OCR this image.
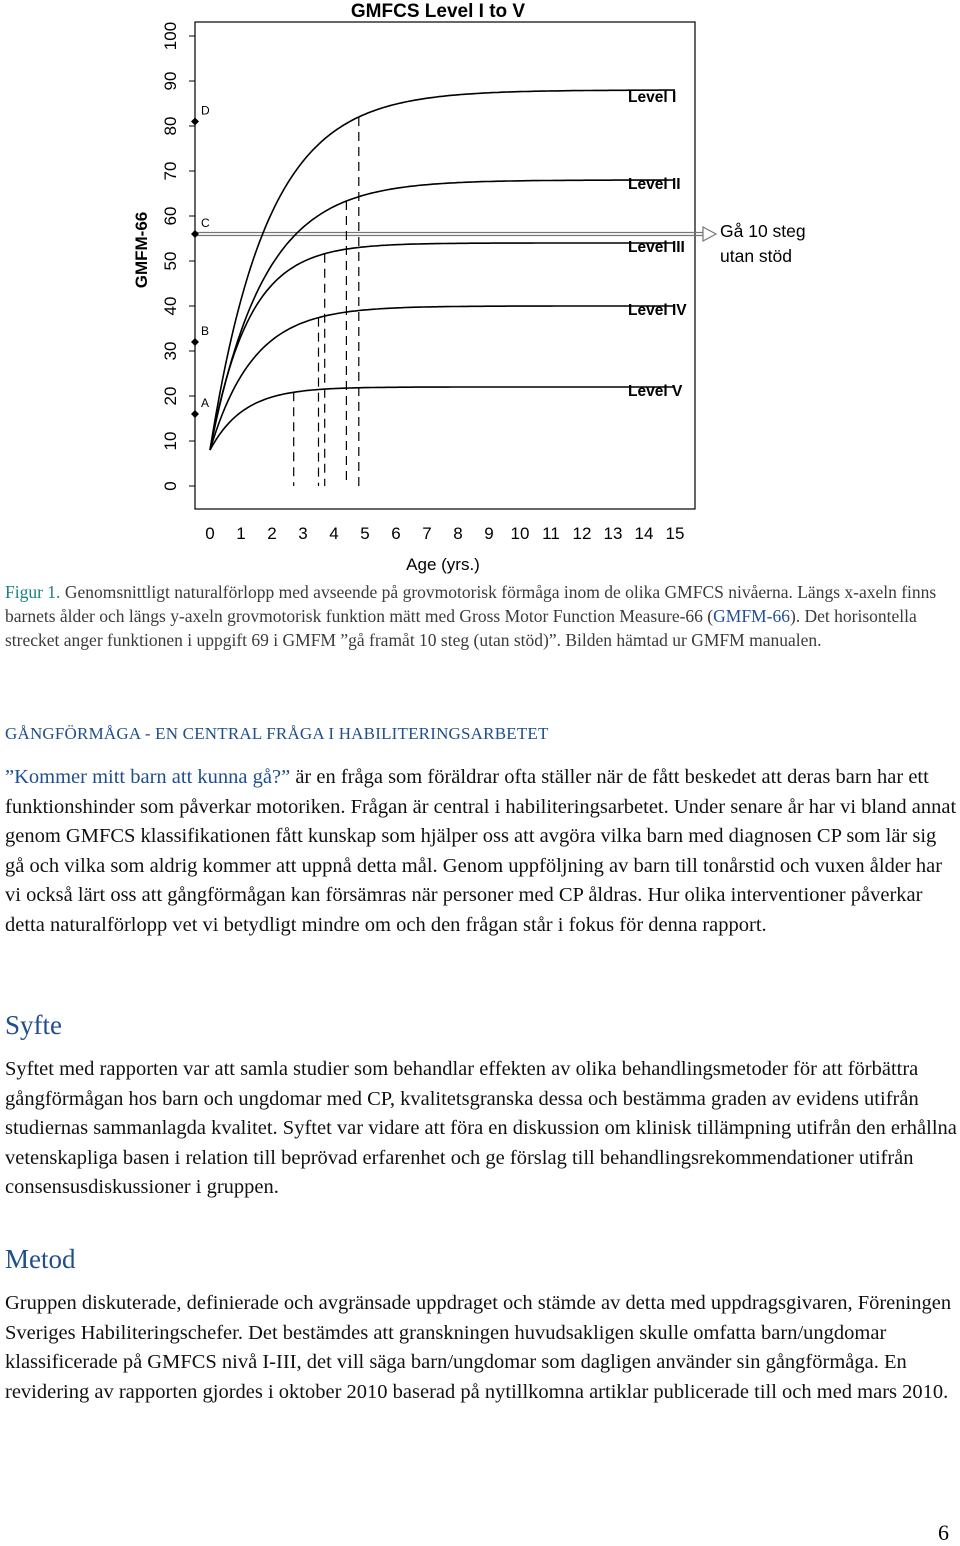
GMFCS Level I to V
Level I
Level II
Level III
Level IV
Level V
0
10
20
30
40
50
60
70
80
90
100
0 1 2 3 4 5 6 7 8 9 10 11 12 13 14 15
A
B
C
D
GMFM-66
Age (yrs.)
Gå 10 steg
utan stöd
Figur 1. Genomsnittligt naturalförlopp med avseende på grovmotorisk förmåga inom de olika GMFCS nivåerna. Längs x-axeln finns barnets ålder och längs y-axeln grovmotorisk funktion mätt med Gross Motor Function Measure-66 (GMFM-66). Det horisontella strecket anger funktionen i uppgift 69 i GMFM ”gå framåt 10 steg (utan stöd)”. Bilden hämtad ur GMFM manualen.
GÅNGFÖRMÅGA - EN CENTRAL FRÅGA I HABILITERINGSARBETET
”Kommer mitt barn att kunna gå?” är en fråga som föräldrar ofta ställer när de fått beskedet att deras barn har ett funktionshinder som påverkar motoriken. Frågan är central i habiliteringsarbetet. Under senare år har vi bland annat genom GMFCS klassifikationen fått kunskap som hjälper oss att avgöra vilka barn med diagnosen CP som lär sig gå och vilka som aldrig kommer att uppnå detta mål. Genom uppföljning av barn till tonårstid och vuxen ålder har vi också lärt oss att gångförmågan kan försämras när personer med CP åldras. Hur olika interventioner påverkar detta naturalförlopp vet vi betydligt mindre om och den frågan står i fokus för denna rapport.
Syfte
Syftet med rapporten var att samla studier som behandlar effekten av olika behandlingsmetoder för att förbättra gångförmågan hos barn och ungdomar med CP, kvalitetsgranska dessa och bestämma graden av evidens utifrån studiernas sammanlagda kvalitet. Syftet var vidare att föra en diskussion om klinisk tillämpning utifrån den erhållna vetenskapliga basen i relation till beprövad erfarenhet och ge förslag till behandlingsrekommendationer utifrån consensusdiskussioner i gruppen.
Metod
Gruppen diskuterade, definierade och avgränsade uppdraget och stämde av detta med uppdragsgivaren, Föreningen Sveriges Habiliteringschefer. Det bestämdes att granskningen huvudsakligen skulle omfatta barn/ungdomar klassificerade på GMFCS nivå I-III, det vill säga barn/ungdomar som dagligen använder sin gångförmåga. En revidering av rapporten gjordes i oktober 2010 baserad på nytillkomna artiklar publicerade till och med mars 2010.
6
